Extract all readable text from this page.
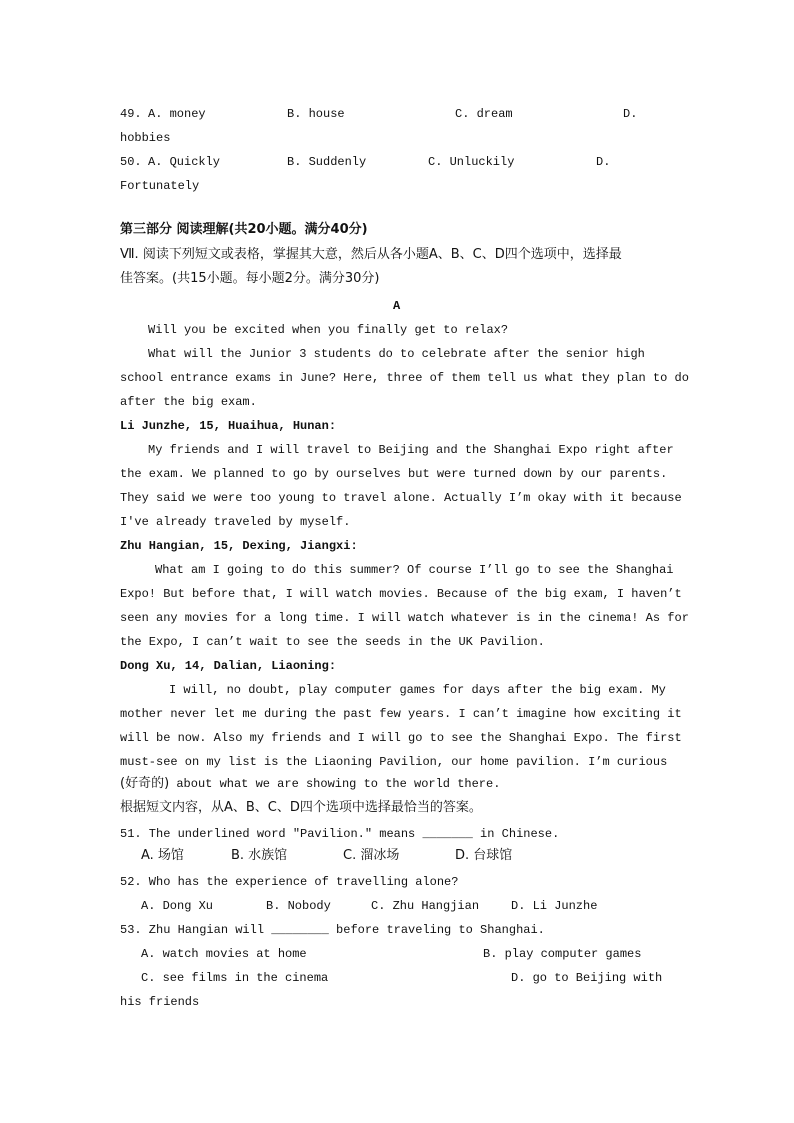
49. A. money	B. house	C. dream	D.
hobbies
50. A. Quickly	B. Suddenly	C. Unluckily	D.
Fortunately
第三部分 阅读理解(共20小题。满分40分)
Ⅶ. 阅读下列短文或表格，掌握其大意，然后从各小题A、B、C、D四个选项中，选择最
佳答案。(共15小题。每小题2分。满分30分)
A
Will you be excited when you finally get to relax?
What will the Junior 3 students do to celebrate after the senior high
school entrance exams in June? Here, three of them tell us what they plan to do
after the big exam.
Li Junzhe, 15, Huaihua, Hunan:
My friends and I will travel to Beijing and the Shanghai Expo right after
the exam. We planned to go by ourselves but were turned down by our parents.
They said we were too young to travel alone. Actually I’m okay with it because
I've already traveled by myself.
Zhu Hangian, 15, Dexing, Jiangxi:
What am I going to do this summer? Of course I’ll go to see the Shanghai
Expo! But before that, I will watch movies. Because of the big exam, I haven’t
seen any movies for a long time. I will watch whatever is in the cinema! As for
the Expo, I can’t wait to see the seeds in the UK Pavilion.
Dong Xu, 14, Dalian, Liaoning:
I will, no doubt, play computer games for days after the big exam. My
mother never let me during the past few years. I can’t imagine how exciting it
will be now. Also my friends and I will go to see the Shanghai Expo. The first
must-see on my list is the Liaoning Pavilion, our home pavilion. I’m curious
(好奇的) about what we are showing to the world there.
根据短文内容，从A、B、C、D四个选项中选择最恰当的答案。
51. The underlined word "Pavilion." means _______ in Chinese.
A. 场馆	B. 水族馆	C. 溜冰场	D. 台球馆
52. Who has the experience of travelling alone?
A. Dong Xu	B. Nobody	C. Zhu Hangjian	D. Li Junzhe
53. Zhu Hangian will ________ before traveling to Shanghai.
A. watch movies at home	B. play computer games
C. see films in the cinema	D. go to Beijing with
his friends
